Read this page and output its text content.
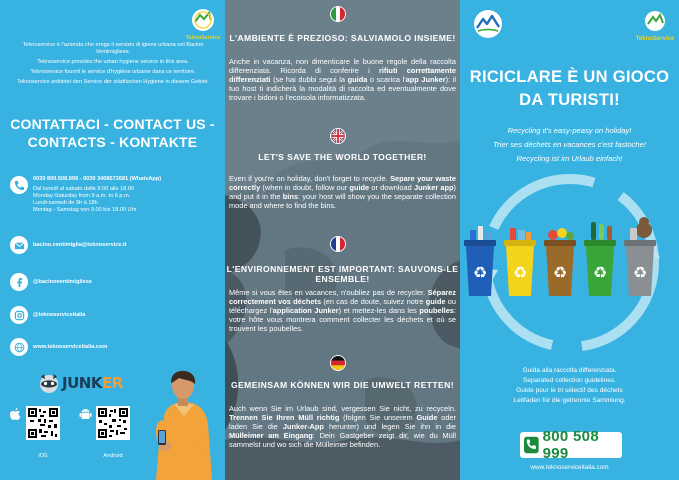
TeknoService

Teknoservice è l'azienda che eroga il servizio di igiene urbana nel Bacino Ventimigliese.

Teknoservice provides the urban hygiene service in this area.

Teknoservice fournit le service d'hygiène urbaine dans ce territoire.

Teknoservice anbietet den Service der städtischen Hygiene in diesem Gebiet.

CONTATTACI - CONTACT US - CONTACTS - KONTAKTE
0039 800.508.999 - 0039 3408572681 (WhatsApp)
Dal lunedì al sabato dalle 9.00 alle 18.00
Monday-Saturday from 9 a.m. to 6 p.m.
Lundi-samedi de 9h à 18h
Montag - Samstag von 9.00 bis 18.00 Uhr
bacino.ventimiglia@teknoservice.it
@bacinoventimigliese
@teknoserviceitalia
www.teknoserviceitalia.com
JUNKER
iOS	Android
L'AMBIENTE È PREZIOSO: SALVIAMOLO INSIEME!
Anche in vacanza, non dimenticare le buone regole della raccolta differenziata. Ricorda di conferire i rifiuti correttamente differenziati (se hai dubbi segui la guida o scarica l'app Junker): il tuo host ti indicherà la modalità di raccolta ed eventualmente dove trovare i bidoni o l'ecoisola informatizzata.
LET'S SAVE THE WORLD TOGETHER!
Even if you're on holiday, don't forget to recycle. Separe your waste correctly (when in doubt, follow our guide or download Junker app) and put it in the bins: your host will show you the separate collection mode and where to find the bins.
L'ENVIRONNEMENT EST IMPORTANT: SAUVONS-LE ENSEMBLE!
Même si vous êtes en vacances, n'oubliez pas de recycler. Séparez correctement vos déchets (en cas de doute, suivez notre guide ou téléchargez l'application Junker) et mettez-les dans les poubelles: votre hôte vous montrera comment collecter les déchets et où se trouvent les poubelles.
GEMEINSAM KÖNNEN WIR DIE UMWELT RETTEN!
Auch wenn Sie im Urlaub sind, vergessen Sie nicht, zu recyceln. Trennen Sie Ihren Müll richtig (folgen Sie unserem Guide oder laden Sie die Junker-App herunter) und legen Sie ihn in die Mülleimer am Eingang: Dein Gastgeber zeigt dir, wie du Müll sammelst und wo sich die Mülleimer befinden.
TeknoService
RICICLARE È UN GIOCO DA TURISTI!
Recycling it's easy-peasy on holiday!
Trier ses déchets en vacances c'est fastoche!
Recycling ist im Urlaub einfach!
♻ ♻ ♻ ♻ ♻
Guida alla raccolta differenziata.
Separated collection guidelines.
Guide pour le tri sélectif des déchets
Leitfaden für die getrennte Sammlung.
800 508 999
www.teknoserviceitalia.com
